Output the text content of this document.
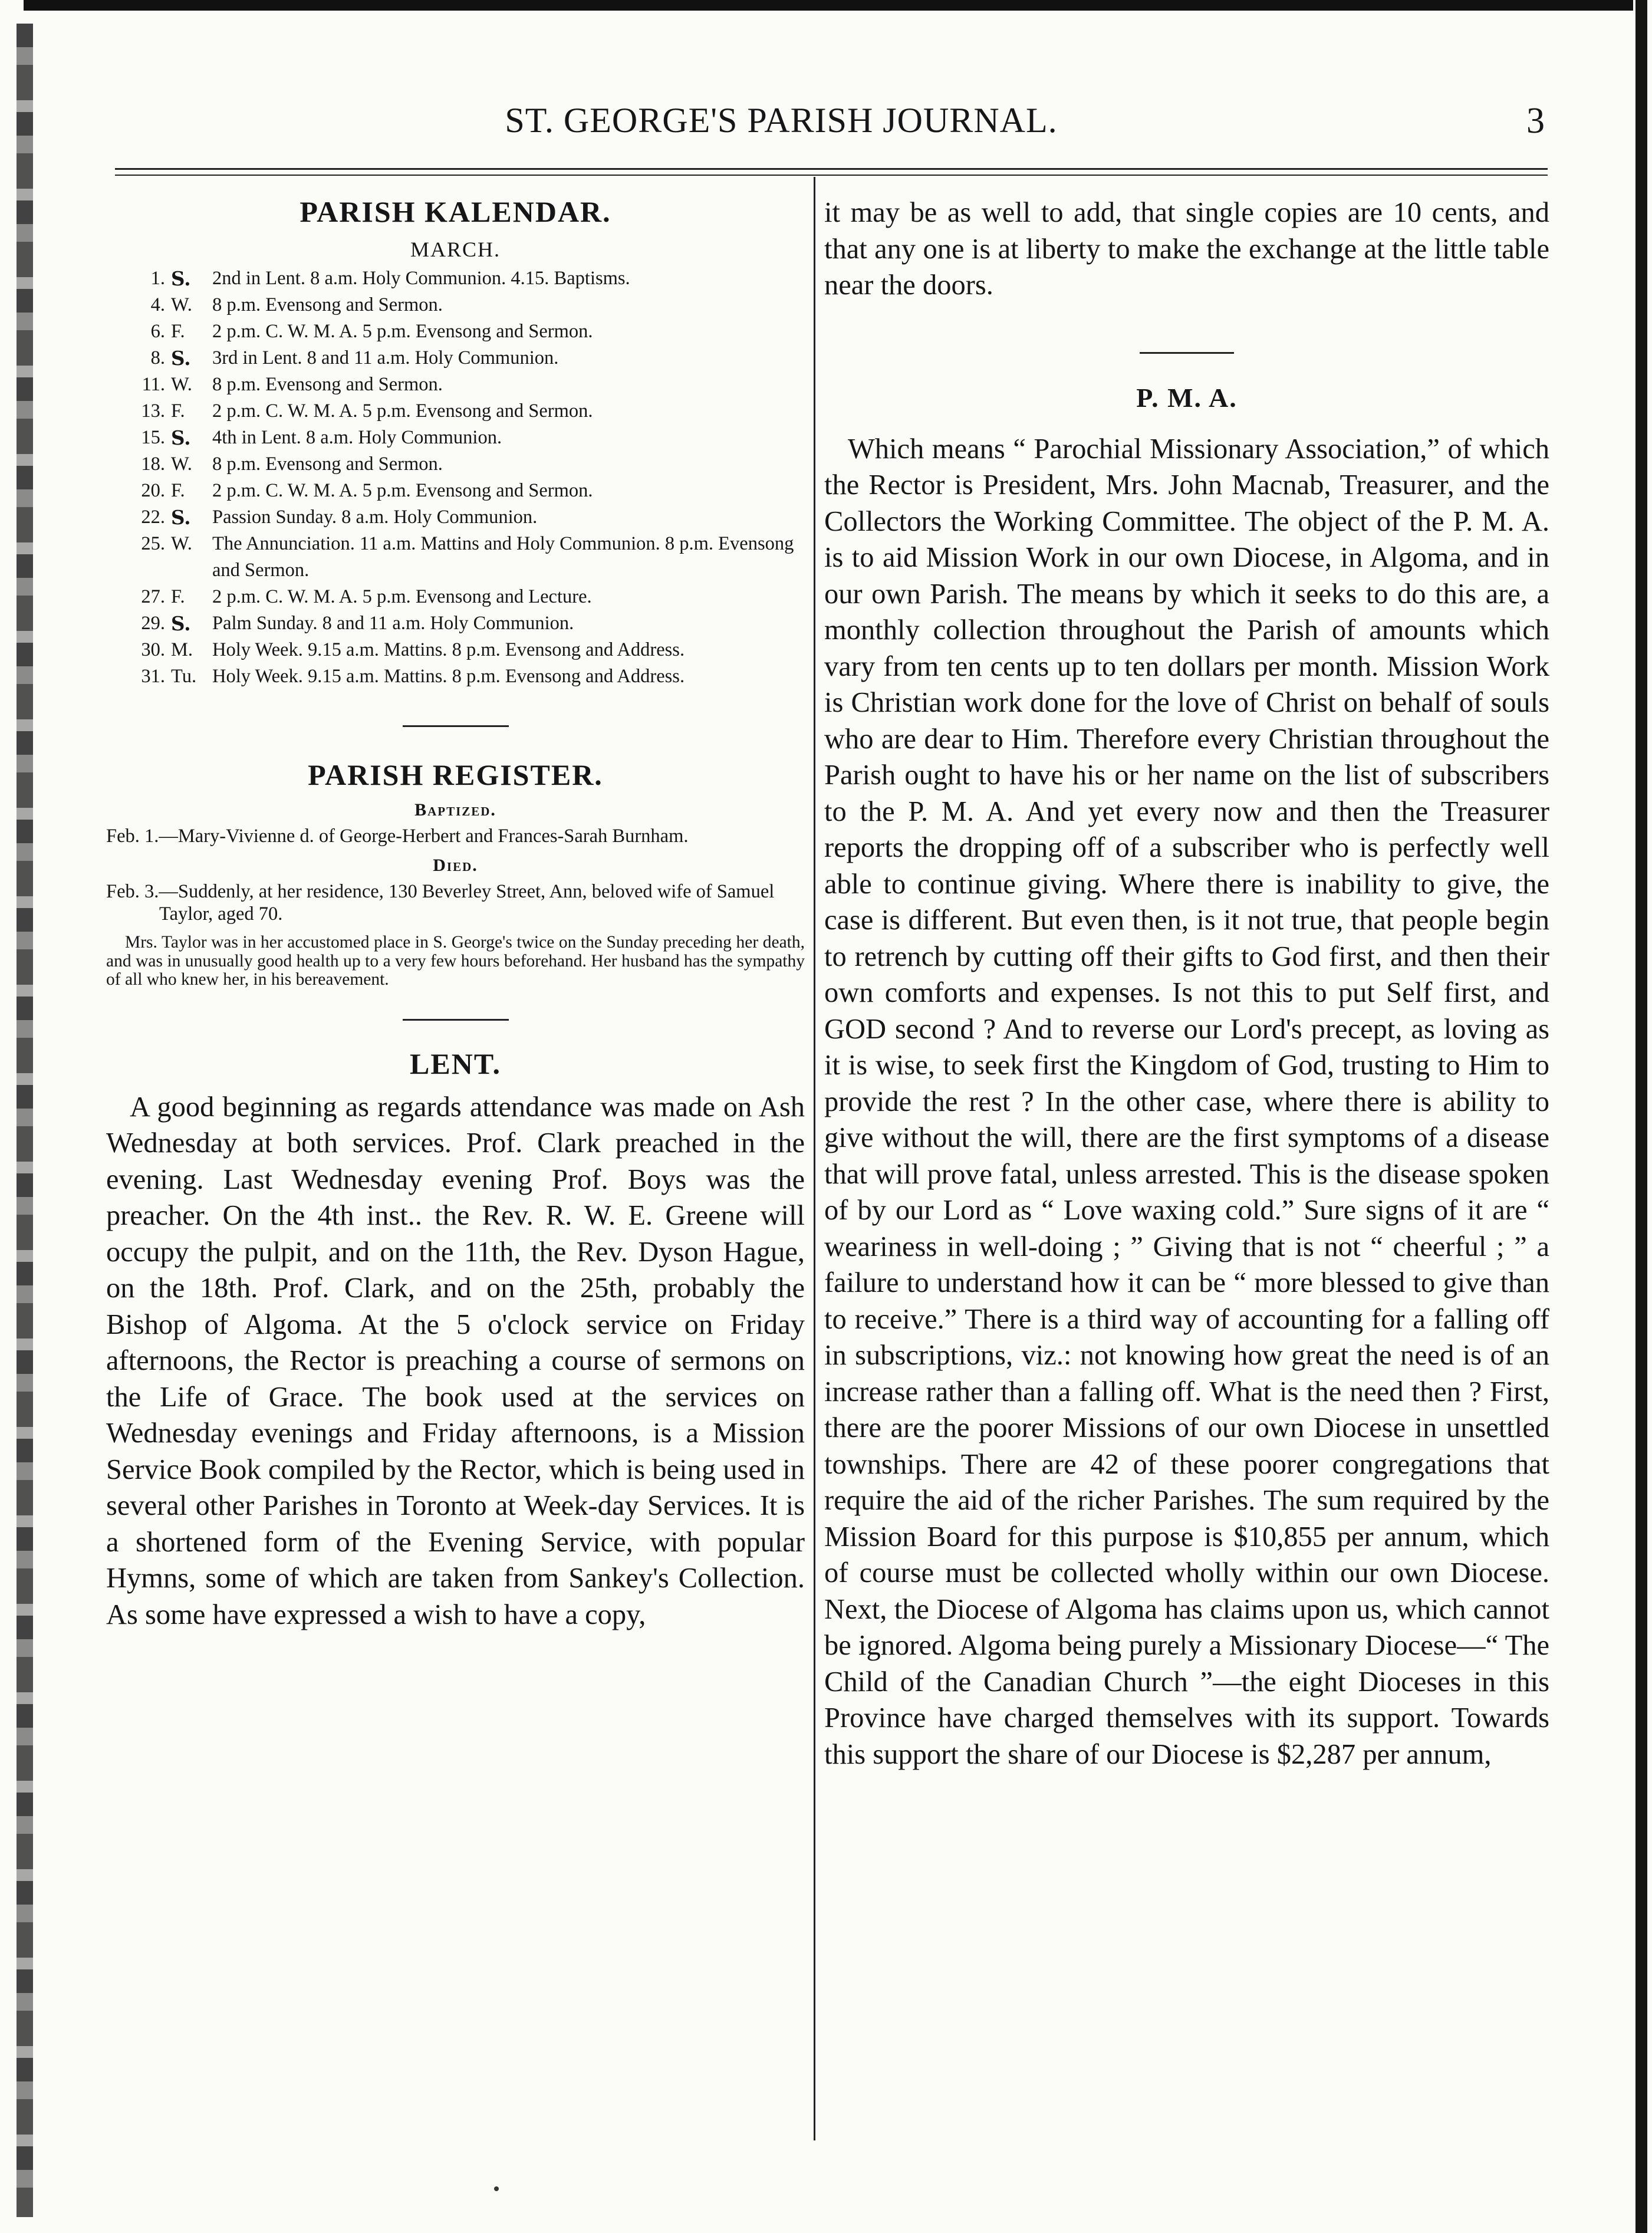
ST. GEORGE'S PARISH JOURNAL.	3
PARISH KALENDAR.
MARCH.
1. S. 2nd in Lent. 8 a.m. Holy Communion. 4.15. Baptisms.
4. W. 8 p.m. Evensong and Sermon.
6. F. 2 p.m. C. W. M. A. 5 p.m. Evensong and Sermon.
8. S. 3rd in Lent. 8 and 11 a.m. Holy Communion.
11. W. 8 p.m. Evensong and Sermon.
13. F. 2 p.m. C. W. M. A. 5 p.m. Evensong and Sermon.
15. S. 4th in Lent. 8 a.m. Holy Communion.
18. W. 8 p.m. Evensong and Sermon.
20. F. 2 p.m. C. W. M. A. 5 p.m. Evensong and Sermon.
22. S. Passion Sunday. 8 a.m. Holy Communion.
25. W. The Annunciation. 11 a.m. Mattins and Holy Communion. 8 p.m. Evensong and Sermon.
27. F. 2 p.m. C. W. M. A. 5 p.m. Evensong and Lecture.
29. S. Palm Sunday. 8 and 11 a.m. Holy Communion.
30. M. Holy Week. 9.15 a.m. Mattins. 8 p.m. Evensong and Address.
31. Tu. Holy Week. 9.15 a.m. Mattins. 8 p.m. Evensong and Address.
PARISH REGISTER.
Baptized.

Feb. 1.—Mary-Vivienne d. of George-Herbert and Frances-Sarah Burnham.

Died.

Feb. 3.—Suddenly, at her residence, 130 Beverley Street, Ann, beloved wife of Samuel Taylor, aged 70.

Mrs. Taylor was in her accustomed place in S. George's twice on the Sunday preceding her death, and was in unusually good health up to a very few hours beforehand. Her husband has the sympathy of all who knew her, in his bereavement.

LENT.

A good beginning as regards attendance was made on Ash Wednesday at both services. Prof. Clark preached in the evening. Last Wednesday evening Prof. Boys was the preacher. On the 4th inst.. the Rev. R. W. E. Greene will occupy the pulpit, and on the 11th, the Rev. Dyson Hague, on the 18th. Prof. Clark, and on the 25th, probably the Bishop of Algoma. At the 5 o'clock service on Friday afternoons, the Rector is preaching a course of sermons on the Life of Grace. The book used at the services on Wednesday evenings and Friday afternoons, is a Mission Service Book compiled by the Rector, which is being used in several other Parishes in Toronto at Week-day Services. It is a shortened form of the Evening Service, with popular Hymns, some of which are taken from Sankey's Collection. As some have expressed a wish to have a copy,

it may be as well to add, that single copies are 10 cents, and that any one is at liberty to make the exchange at the little table near the doors.

P. M. A.

Which means “ Parochial Missionary Association,” of which the Rector is President, Mrs. John Macnab, Treasurer, and the Collectors the Working Committee. The object of the P. M. A. is to aid Mission Work in our own Diocese, in Algoma, and in our own Parish. The means by which it seeks to do this are, a monthly collection throughout the Parish of amounts which vary from ten cents up to ten dollars per month. Mission Work is Christian work done for the love of Christ on behalf of souls who are dear to Him. Therefore every Christian throughout the Parish ought to have his or her name on the list of subscribers to the P. M. A. And yet every now and then the Treasurer reports the dropping off of a subscriber who is perfectly well able to continue giving. Where there is inability to give, the case is different. But even then, is it not true, that people begin to retrench by cutting off their gifts to God first, and then their own comforts and expenses. Is not this to put Self first, and GOD second ? And to reverse our Lord's precept, as loving as it is wise, to seek first the Kingdom of God, trusting to Him to provide the rest ? In the other case, where there is ability to give without the will, there are the first symptoms of a disease that will prove fatal, unless arrested. This is the disease spoken of by our Lord as “ Love waxing cold.” Sure signs of it are “ weariness in well-doing ; ” Giving that is not “ cheerful ; ” a failure to understand how it can be “ more blessed to give than to receive.” There is a third way of accounting for a falling off in subscriptions, viz.: not knowing how great the need is of an increase rather than a falling off. What is the need then ? First, there are the poorer Missions of our own Diocese in unsettled townships. There are 42 of these poorer congregations that require the aid of the richer Parishes. The sum required by the Mission Board for this purpose is $10,855 per annum, which of course must be collected wholly within our own Diocese. Next, the Diocese of Algoma has claims upon us, which cannot be ignored. Algoma being purely a Missionary Diocese—“ The Child of the Canadian Church ”—the eight Dioceses in this Province have charged themselves with its support. Towards this support the share of our Diocese is $2,287 per annum,
